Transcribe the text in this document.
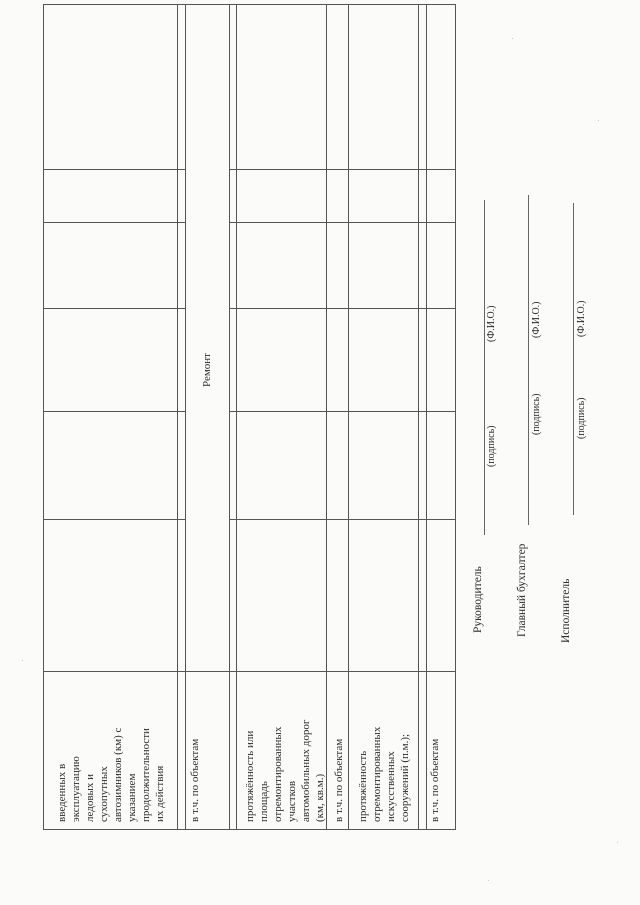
введенных в эксплуатацию ледовых и сухопутных автозимников (км) с указанием продолжительности их действия в т.ч. по объектам
Ремонт
протяжённость или площадь отремонтированных участков автомобильных дорог (км, кв.м.) в т.ч. по объектам протяжённость отремонтированных искусственных сооружений (п.м.); в т.ч. по объектам
Руководитель
(подпись)
(Ф.И.О.)
Главный бухгалтер
(подпись)
(Ф.И.О.)
Исполнитель
(подпись)
(Ф.И.О.)
